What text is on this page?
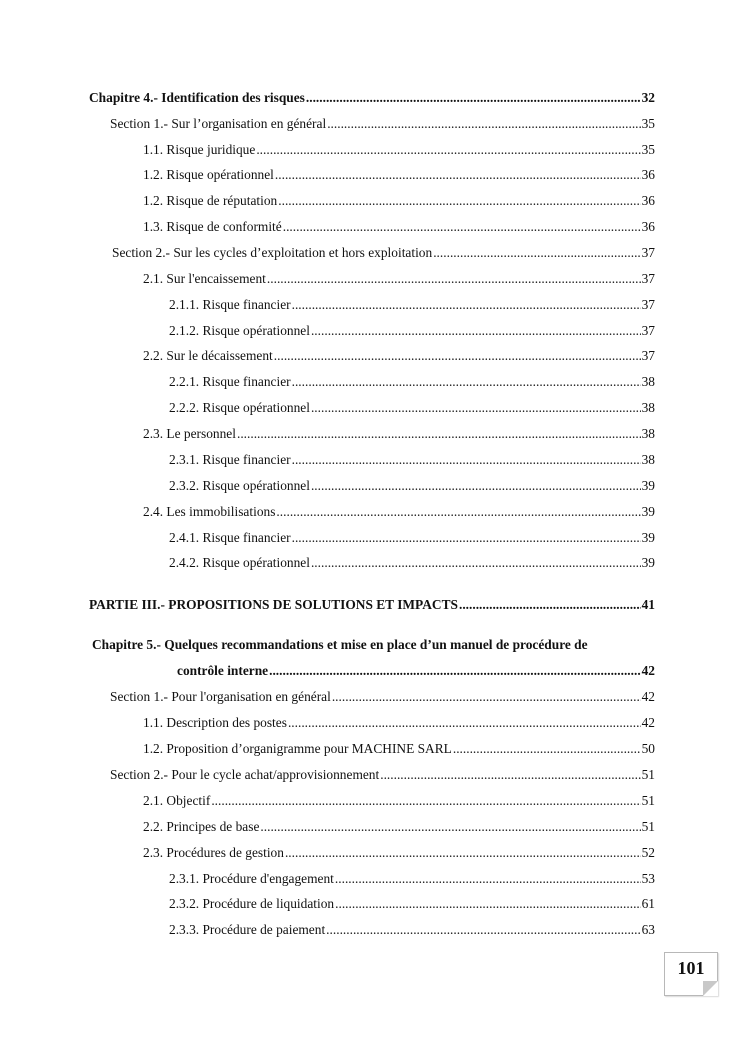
Chapitre 4.- Identification des risques .....	32
Section 1.- Sur l’organisation en général .....	35
1.1. Risque juridique .....	35
1.2. Risque opérationnel .....	36
1.2. Risque de réputation .....	36
1.3. Risque de conformité .....	36
Section 2.- Sur les cycles d’exploitation et hors exploitation .....	37
2.1. Sur l'encaissement .....	37
2.1.1. Risque financier .....	37
2.1.2. Risque opérationnel .....	37
2.2. Sur le décaissement .....	37
2.2.1. Risque financier .....	38
2.2.2. Risque opérationnel .....	38
2.3. Le personnel .....	38
2.3.1. Risque financier .....	38
2.3.2. Risque opérationnel .....	39
2.4. Les immobilisations .....	39
2.4.1. Risque financier .....	39
2.4.2. Risque opérationnel .....	39
PARTIE III.- PROPOSITIONS DE SOLUTIONS ET IMPACTS .....	41
Chapitre 5.- Quelques recommandations et mise en place d’un manuel de procédure de
contrôle interne .....	42
Section 1.- Pour l'organisation en général .....	42
1.1. Description des postes .....	42
1.2. Proposition d’organigramme pour MACHINE SARL .....	50
Section 2.- Pour le cycle achat/approvisionnement .....	51
2.1. Objectif .....	51
2.2. Principes de base .....	51
2.3. Procédures de gestion .....	52
2.3.1. Procédure d'engagement .....	53
2.3.2. Procédure de liquidation .....	61
2.3.3. Procédure de paiement .....	63
101
